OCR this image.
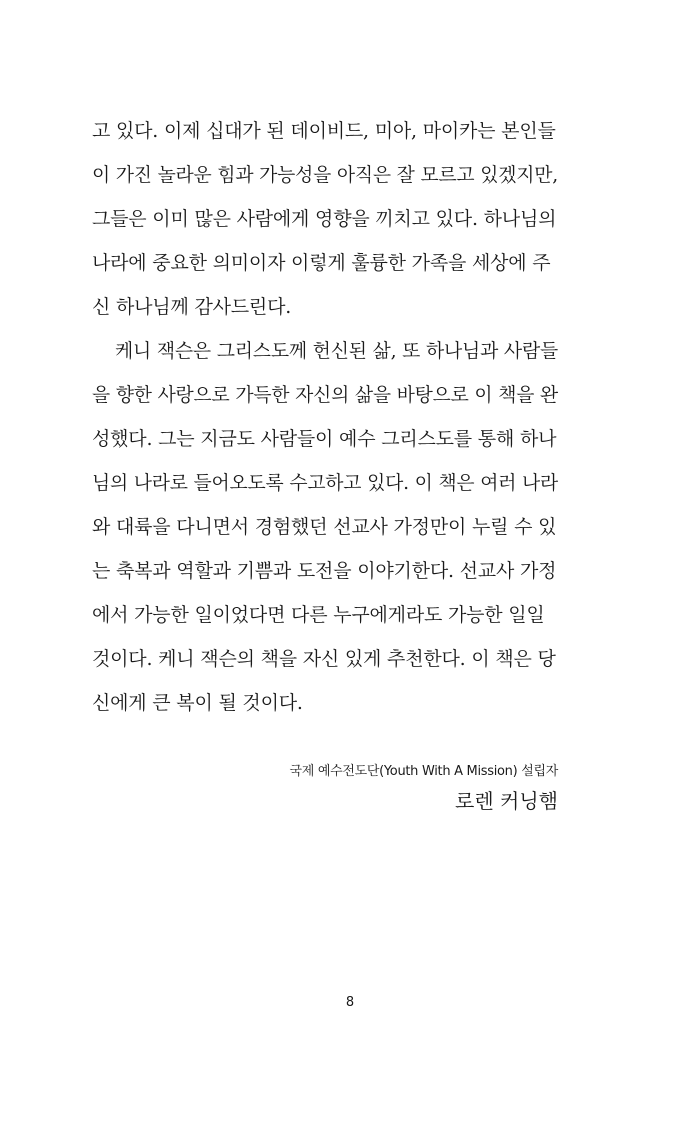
고 있다. 이제 십대가 된 데이비드, 미아, 마이카는 본인들
이 가진 놀라운 힘과 가능성을 아직은 잘 모르고 있겠지만,
그들은 이미 많은 사람에게 영향을 끼치고 있다. 하나님의
나라에 중요한 의미이자 이렇게 훌륭한 가족을 세상에 주
신 하나님께 감사드린다.
케니 잭슨은 그리스도께 헌신된 삶, 또 하나님과 사람들
을 향한 사랑으로 가득한 자신의 삶을 바탕으로 이 책을 완
성했다. 그는 지금도 사람들이 예수 그리스도를 통해 하나
님의 나라로 들어오도록 수고하고 있다. 이 책은 여러 나라
와 대륙을 다니면서 경험했던 선교사 가정만이 누릴 수 있
는 축복과 역할과 기쁨과 도전을 이야기한다. 선교사 가정
에서 가능한 일이었다면 다른 누구에게라도 가능한 일일
것이다. 케니 잭슨의 책을 자신 있게 추천한다. 이 책은 당
신에게 큰 복이 될 것이다.
국제 예수전도단(Youth With A Mission) 설립자
로렌 커닝햄
8
